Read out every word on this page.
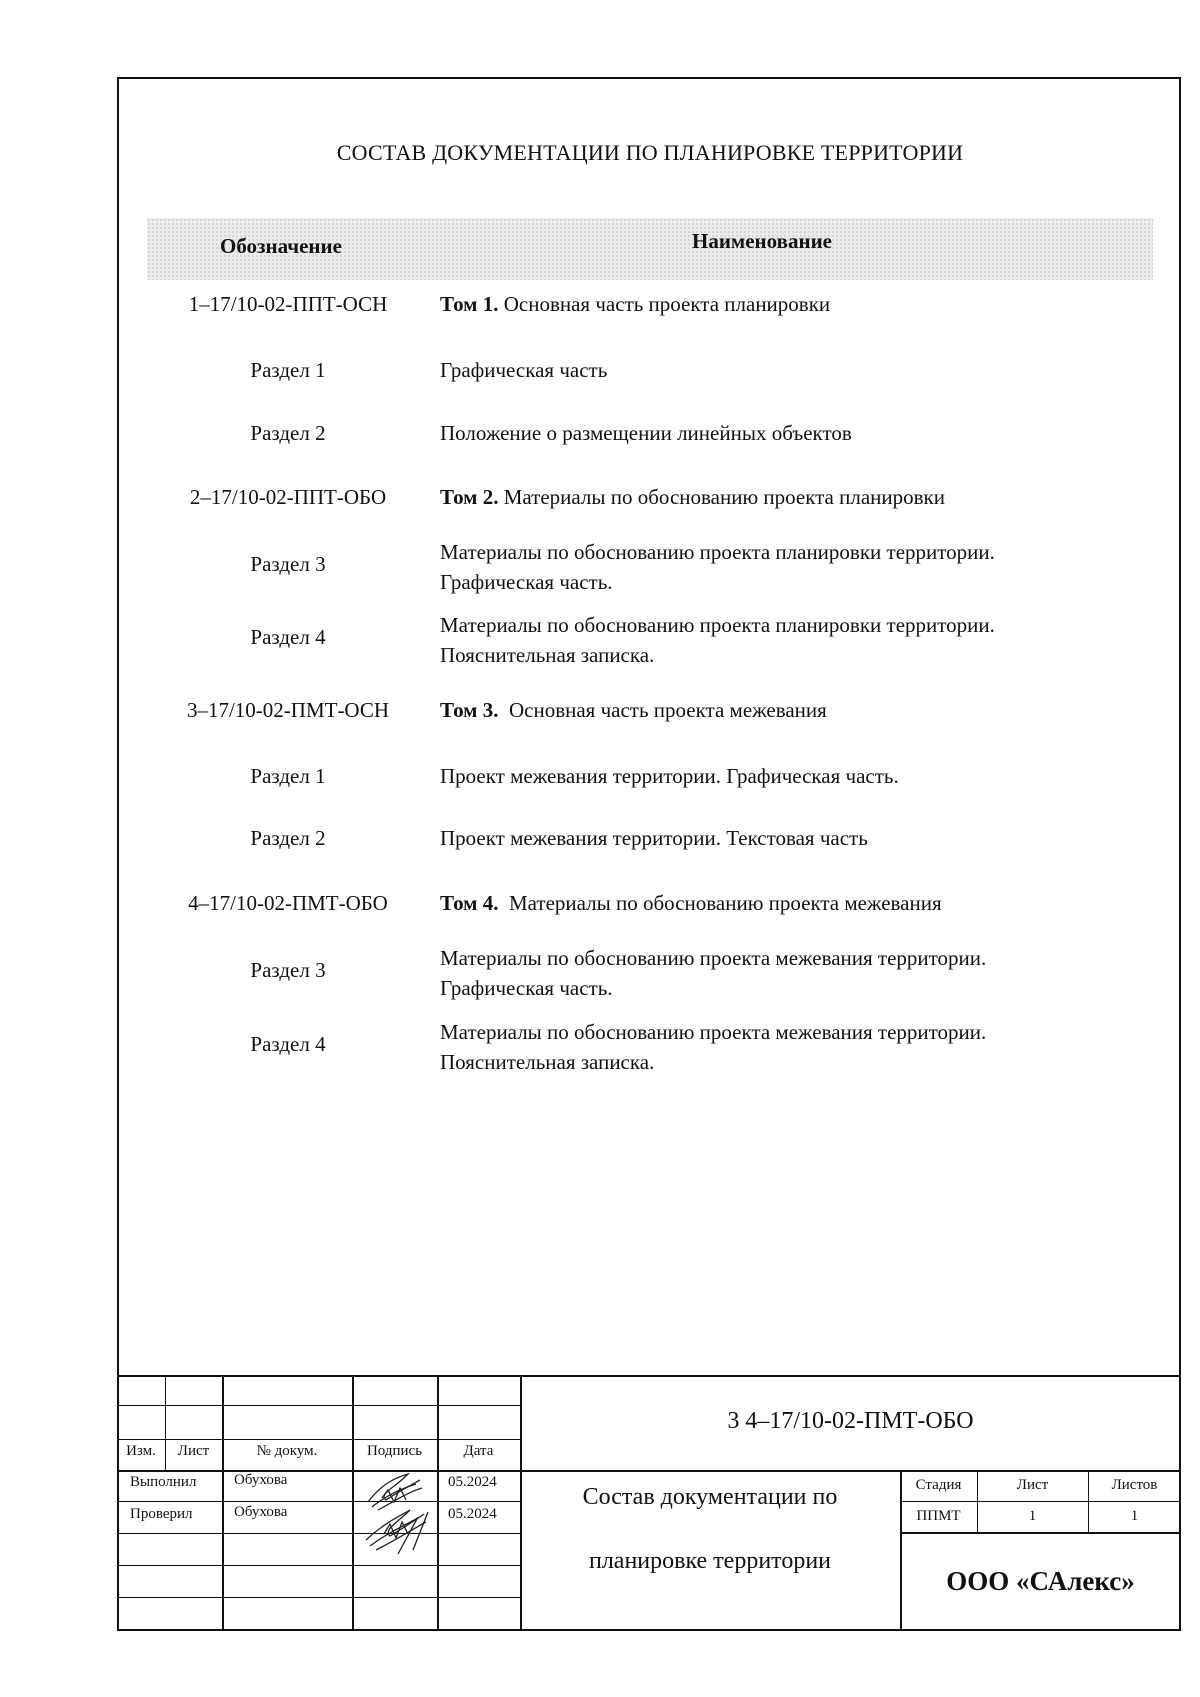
СОСТАВ ДОКУМЕНТАЦИИ ПО ПЛАНИРОВКЕ ТЕРРИТОРИИ
Обозначение	Наименование
1–17/10-02-ППТ-ОСН	Том 1. Основная часть проекта планировки
Раздел 1	Графическая часть
Раздел 2	Положение о размещении линейных объектов
2–17/10-02-ППТ-ОБО	Том 2. Материалы по обоснованию проекта планировки
Раздел 3	Материалы по обоснованию проекта планировки территории.
Графическая часть.
Раздел 4	Материалы по обоснованию проекта планировки территории.
Пояснительная записка.
3–17/10-02-ПМТ-ОСН	Том 3.  Основная часть проекта межевания
Раздел 1	Проект межевания территории. Графическая часть.
Раздел 2	Проект межевания территории. Текстовая часть
4–17/10-02-ПМТ-ОБО	Том 4.  Материалы по обоснованию проекта межевания
Раздел 3	Материалы по обоснованию проекта межевания территории.
Графическая часть.
Раздел 4	Материалы по обоснованию проекта межевания территории.
Пояснительная записка.
3 4–17/10-02-ПМТ-ОБО
Изм.	Лист	№ докум.	Подпись	Дата
Выполнил	Обухова	05.2024
Проверил	Обухова	05.2024
Состав документации по
планировке территории
Стадия	Лист	Листов
ППМТ	1	1
ООО «САлекс»
